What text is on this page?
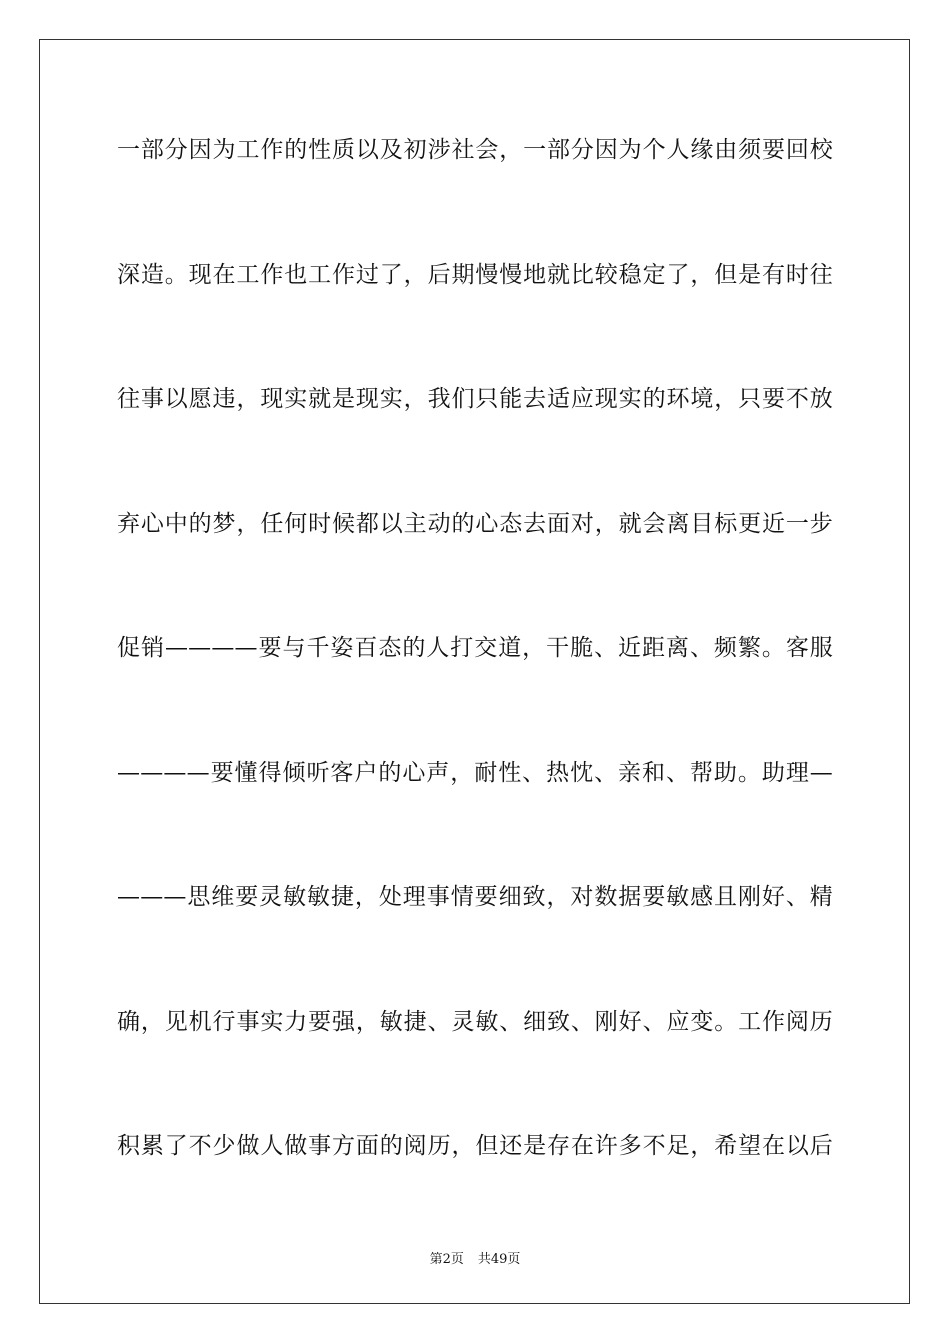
一部分因为工作的性质以及初涉社会，一部分因为个人缘由须要回校
深造。现在工作也工作过了，后期慢慢地就比较稳定了，但是有时往
往事以愿违，现实就是现实，我们只能去适应现实的环境，只要不放
弃心中的梦，任何时候都以主动的心态去面对，就会离目标更近一步
促销————要与千姿百态的人打交道，干脆、近距离、频繁。客服
————要懂得倾听客户的心声，耐性、热忱、亲和、帮助。助理—
———思维要灵敏敏捷，处理事情要细致，对数据要敏感且刚好、精
确，见机行事实力要强，敏捷、灵敏、细致、刚好、应变。工作阅历
积累了不少做人做事方面的阅历，但还是存在许多不足，希望在以后
第2页 共49页
